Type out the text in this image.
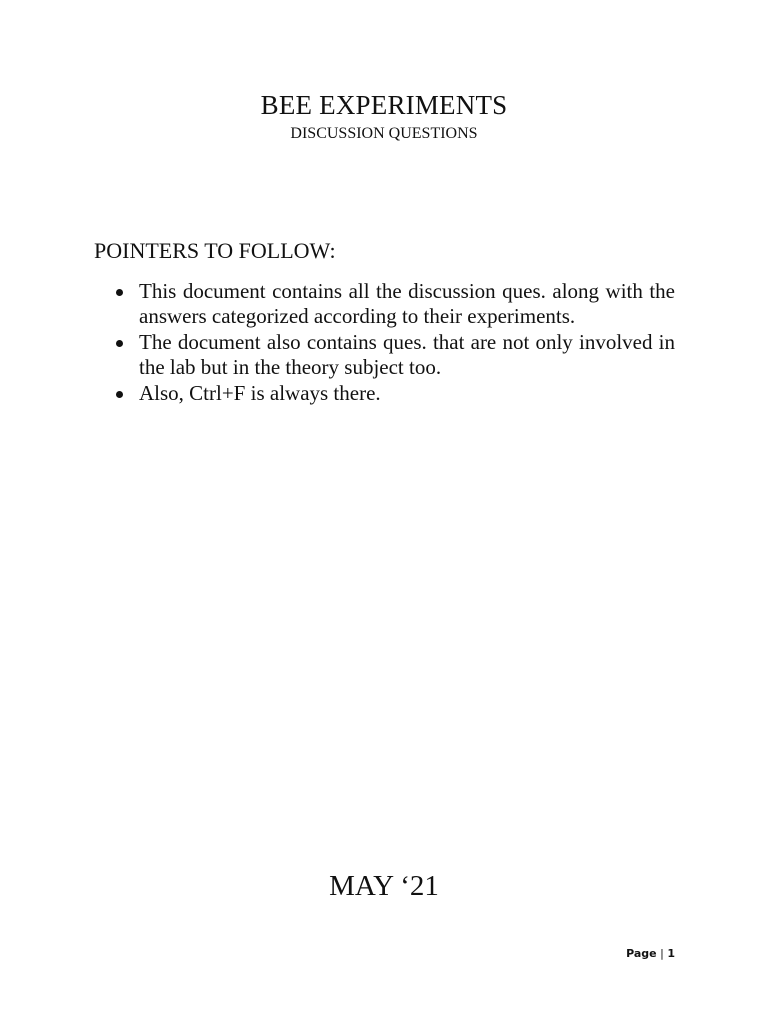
BEE EXPERIMENTS
DISCUSSION QUESTIONS
POINTERS TO FOLLOW:
This document contains all the discussion ques. along with the answers categorized according to their experiments.
The document also contains ques. that are not only involved in the lab but in the theory subject too.
Also, Ctrl+F is always there.
MAY ‘21
Page | 1
